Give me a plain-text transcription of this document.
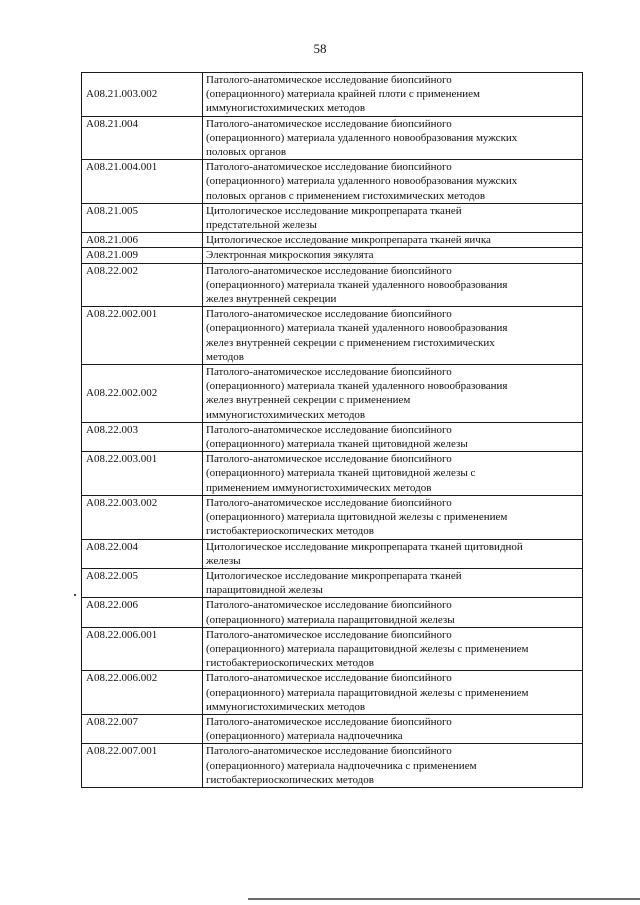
58
A08.21.003.002	Патолого-анатомическое исследование биопсийного
(операционного) материала крайней плоти с применением
иммуногистохимических методов
A08.21.004	Патолого-анатомическое исследование биопсийного
(операционного) материала удаленного новообразования мужских
половых органов
A08.21.004.001	Патолого-анатомическое исследование биопсийного
(операционного) материала удаленного новообразования мужских
половых органов с применением гистохимических методов
A08.21.005	Цитологическое исследование микропрепарата тканей
предстательной железы
A08.21.006	Цитологическое исследование микропрепарата тканей яичка
A08.21.009	Электронная микроскопия эякулята
A08.22.002	Патолого-анатомическое исследование биопсийного
(операционного) материала тканей удаленного новообразования
желез внутренней секреции
A08.22.002.001	Патолого-анатомическое исследование биопсийного
(операционного) материала тканей удаленного новообразования
желез внутренней секреции с применением гистохимических
методов
A08.22.002.002	Патолого-анатомическое исследование биопсийного
(операционного) материала тканей удаленного новообразования
желез внутренней секреции с применением
иммуногистохимических методов
A08.22.003	Патолого-анатомическое исследование биопсийного
(операционного) материала тканей щитовидной железы
A08.22.003.001	Патолого-анатомическое исследование биопсийного
(операционного) материала тканей щитовидной железы с
применением иммуногистохимических методов
A08.22.003.002	Патолого-анатомическое исследование биопсийного
(операционного) материала щитовидной железы с применением
гистобактериоскопических методов
A08.22.004	Цитологическое исследование микропрепарата тканей щитовидной
железы
A08.22.005	Цитологическое исследование микропрепарата тканей
паращитовидной железы
A08.22.006	Патолого-анатомическое исследование биопсийного
(операционного) материала паращитовидной железы
A08.22.006.001	Патолого-анатомическое исследование биопсийного
(операционного) материала паращитовидной железы с применением
гистобактериоскопических методов
A08.22.006.002	Патолого-анатомическое исследование биопсийного
(операционного) материала паращитовидной железы с применением
иммуногистохимических методов
A08.22.007	Патолого-анатомическое исследование биопсийного
(операционного) материала надпочечника
A08.22.007.001	Патолого-анатомическое исследование биопсийного
(операционного) материала надпочечника с применением
гистобактериоскопических методов
